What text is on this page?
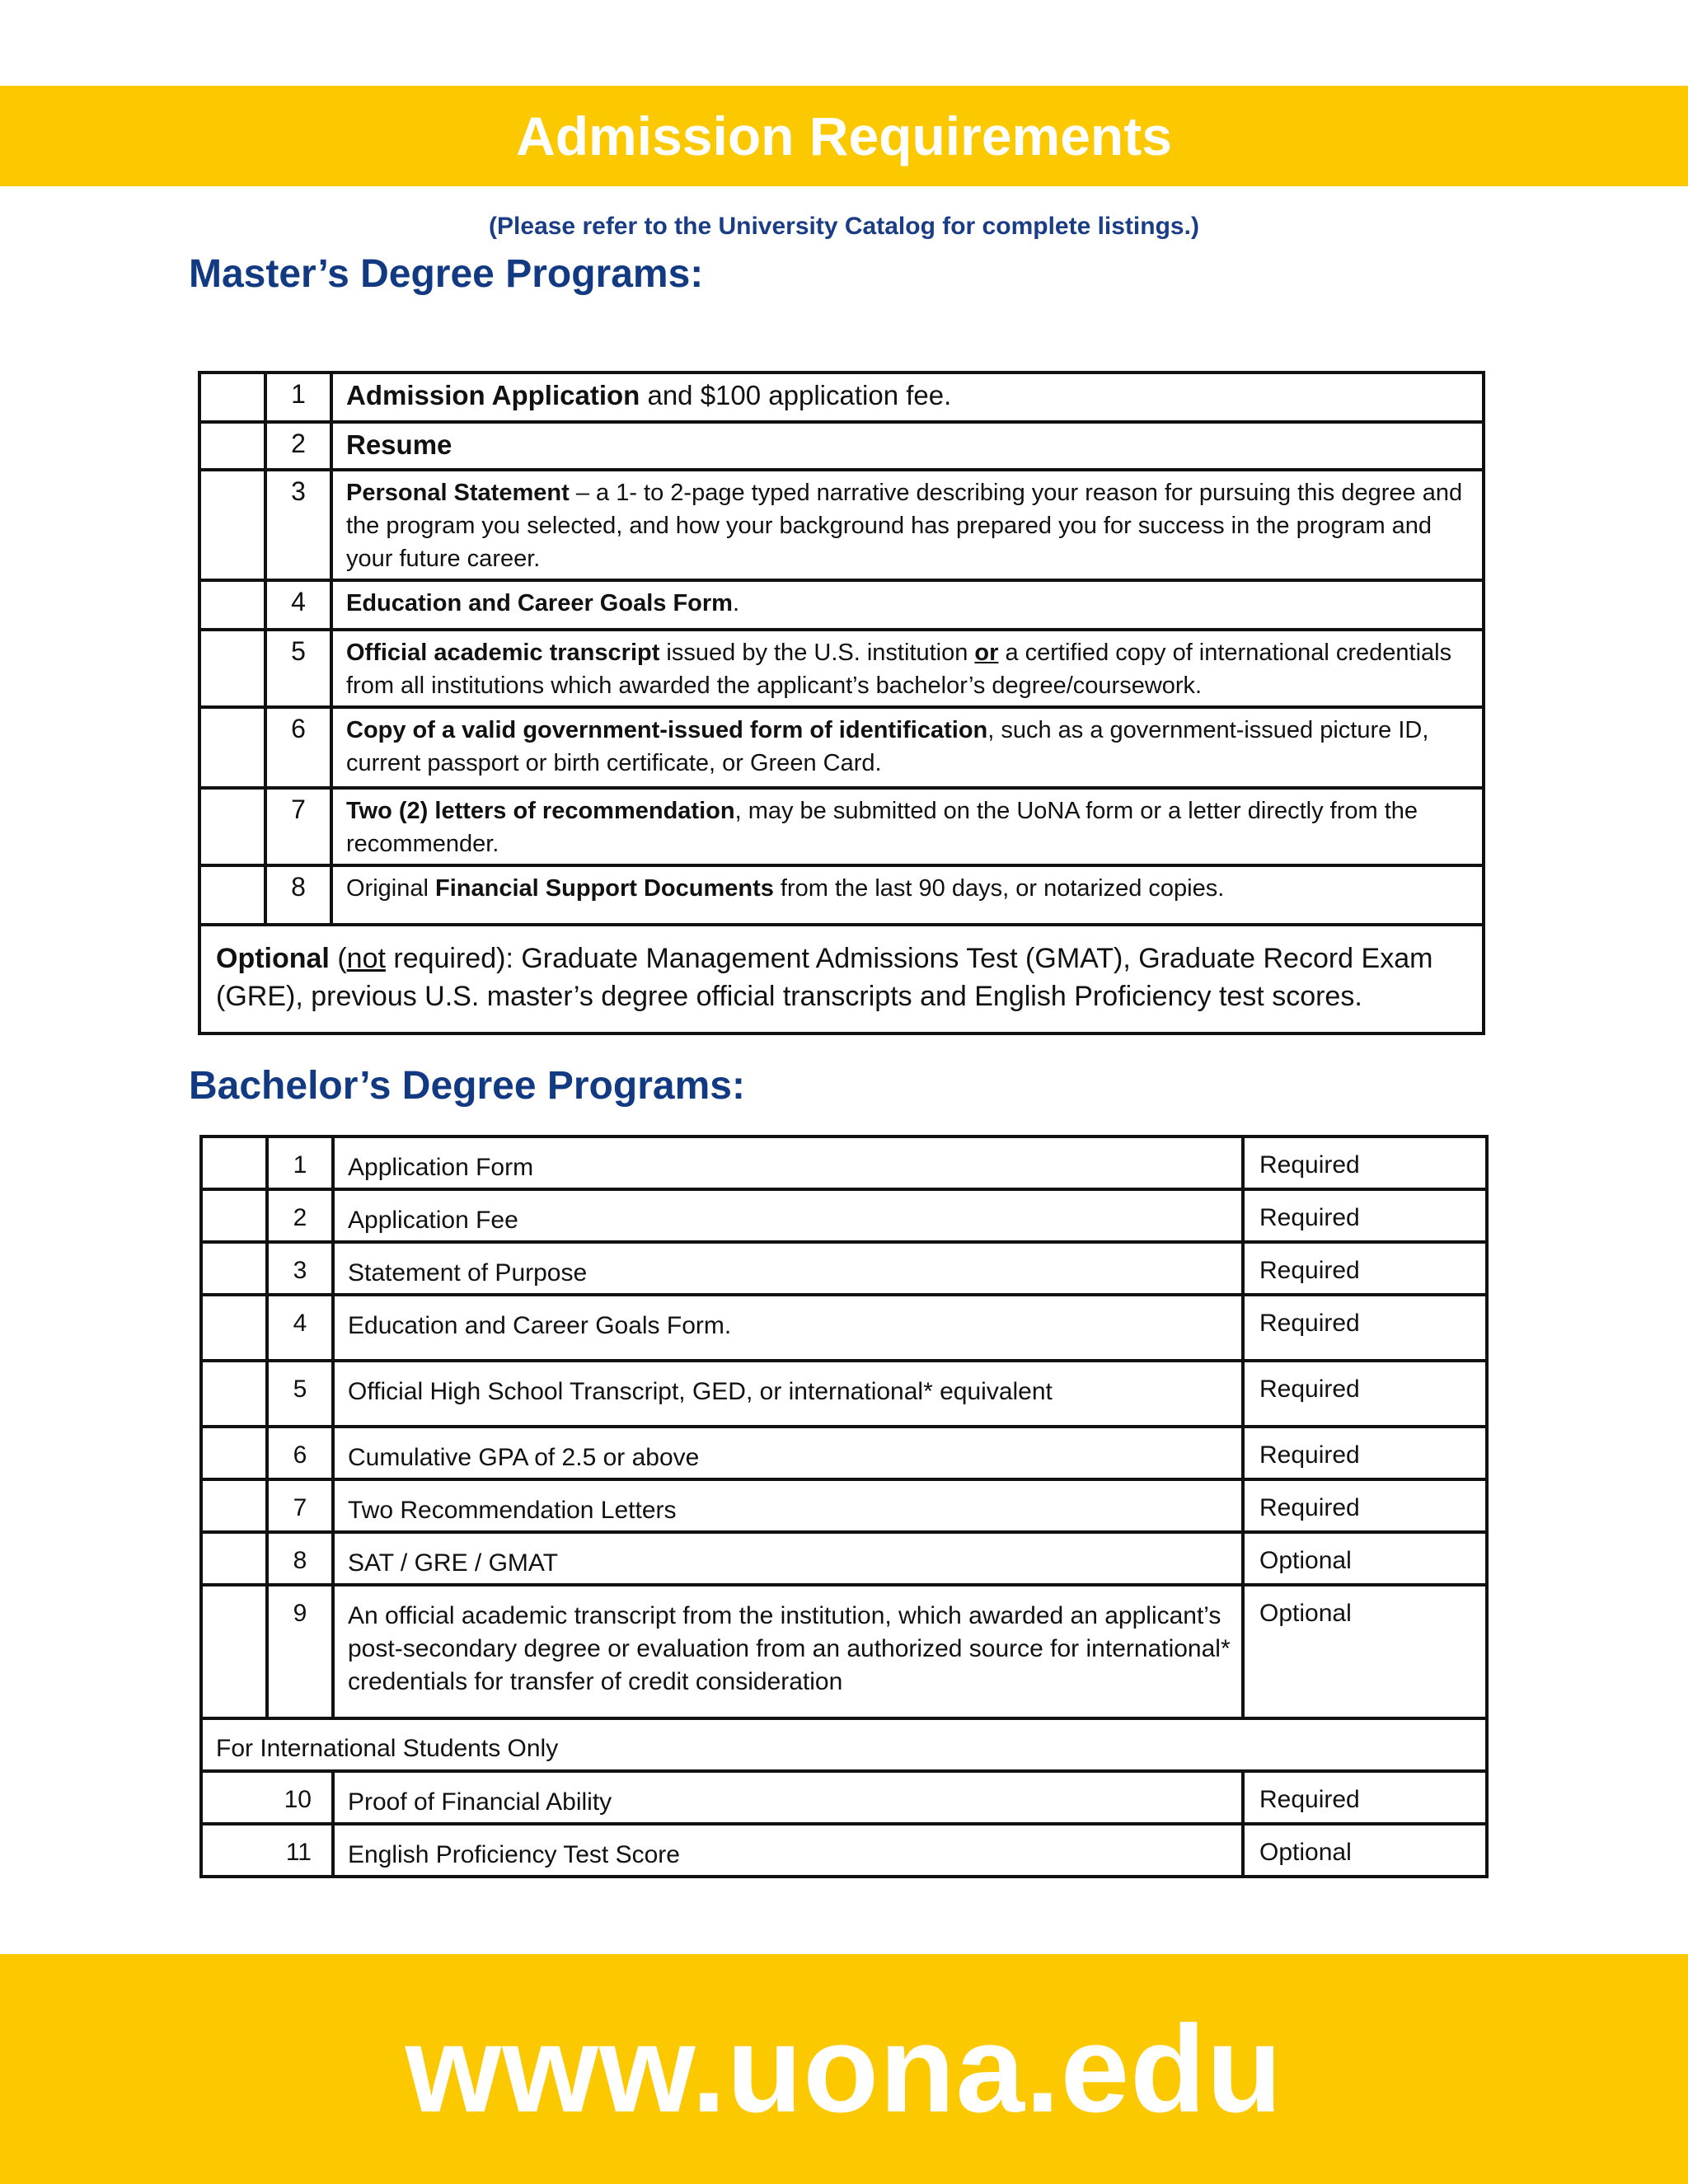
Admission Requirements
(Please refer to the University Catalog for complete listings.)
Master’s Degree Programs:
	1	Admission Application and $100 application fee.
	2	Resume
	3	Personal Statement – a 1- to 2-page typed narrative describing your reason for pursuing this degree and the program you selected, and how your background has prepared you for success in the program and your future career.
	4	Education and Career Goals Form.
	5	Official academic transcript issued by the U.S. institution or a certified copy of international credentials from all institutions which awarded the applicant’s bachelor’s degree/coursework.
	6	Copy of a valid government-issued form of identification, such as a government-issued picture ID, current passport or birth certificate, or Green Card.
	7	Two (2) letters of recommendation, may be submitted on the UoNA form or a letter directly from the recommender.
	8	Original Financial Support Documents from the last 90 days, or notarized copies.
Optional (not required): Graduate Management Admissions Test (GMAT), Graduate Record Exam (GRE), previous U.S. master’s degree official transcripts and English Proficiency test scores.		
Bachelor’s Degree Programs:
	1	Application Form	Required
	2	Application Fee	Required
	3	Statement of Purpose	Required
	4	Education and Career Goals Form.	Required
	5	Official High School Transcript, GED, or international* equivalent	Required
	6	Cumulative GPA of 2.5 or above	Required
	7	Two Recommendation Letters	Required
	8	SAT / GRE / GMAT	Optional
	9	An official academic transcript from the institution, which awarded an applicant’s post-secondary degree or evaluation from an authorized source for international* credentials for transfer of credit consideration	Optional
For International Students Only			
10		Proof of Financial Ability	Required
11		English Proficiency Test Score	Optional
www.uona.edu
